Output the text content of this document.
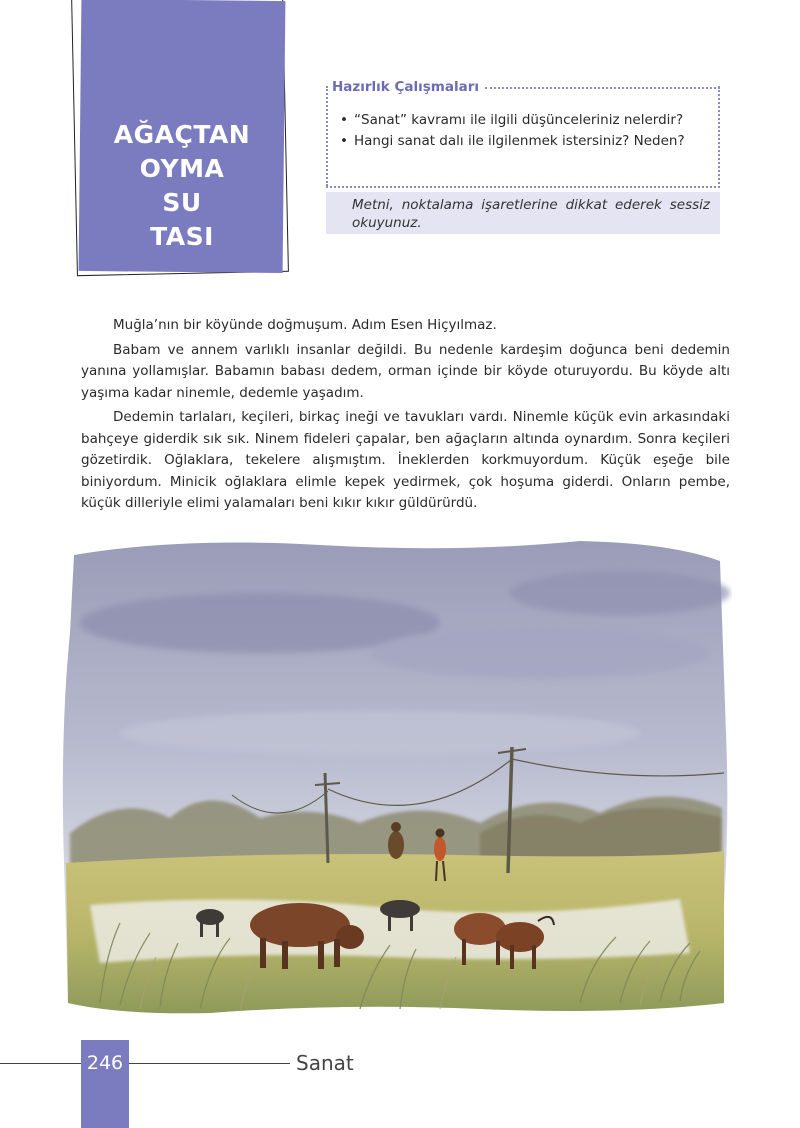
AĞAÇTAN
OYMA
SU
TASI
Hazırlık Çalışmaları
• “Sanat” kavramı ile ilgili düşünceleriniz nelerdir?
• Hangi sanat dalı ile ilgilenmek istersiniz? Neden?
Metni, noktalama işaretlerine dikkat ederek sessiz okuyunuz.

Muğla’nın bir köyünde doğmuşum. Adım Esen Hiçyılmaz.

Babam ve annem varlıklı insanlar değildi. Bu nedenle kardeşim doğunca beni dedemin yanına yollamışlar. Babamın babası dedem, orman içinde bir köyde oturuyordu. Bu köyde altı yaşıma kadar ninemle, dedemle yaşadım.

Dedemin tarlaları, keçileri, birkaç ineği ve tavukları vardı. Ninemle küçük evin arkasındaki bahçeye giderdik sık sık. Ninem fideleri çapalar, ben ağaçların altında oynardım. Sonra keçileri gözetirdik. Oğlaklara, tekelere alışmıştım. İneklerden korkmuyordum. Küçük eşeğe bile biniyordum. Minicik oğlaklara elimle kepek yedirmek, çok hoşuma giderdi. Onların pembe, küçük dilleriyle elimi yalamaları beni kıkır kıkır güldürürdü.

246	Sanat
